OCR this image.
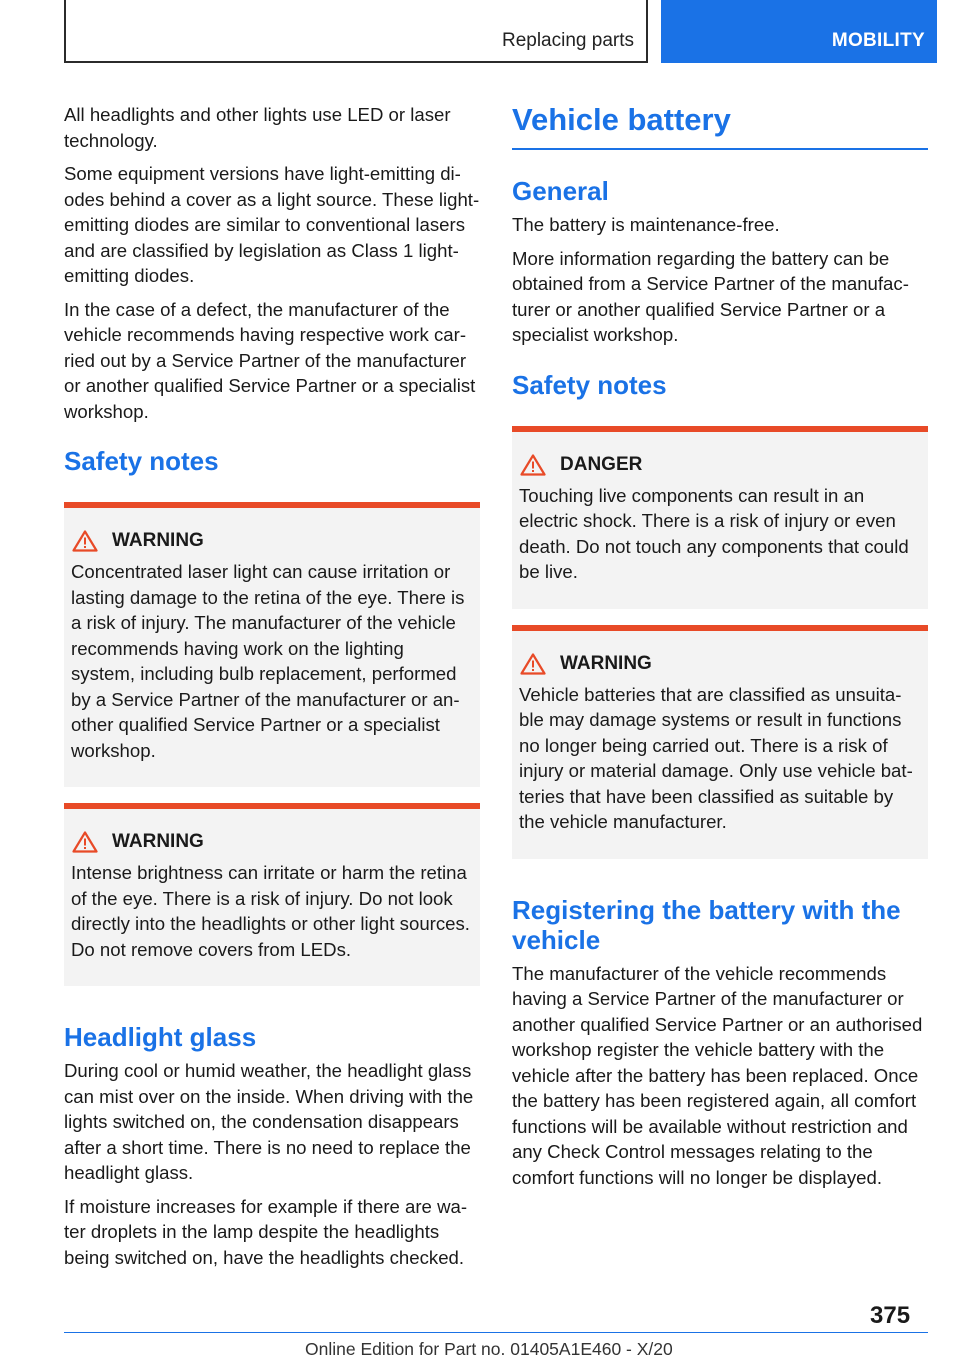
Replacing parts	MOBILITY

All headlights and other lights use LED or laser technology.

Some equipment versions have light-emitting diodes behind a cover as a light source. These light-emitting diodes are similar to conventional lasers and are classified by legislation as Class 1 light-emitting diodes.

In the case of a defect, the manufacturer of the vehicle recommends having respective work carried out by a Service Partner of the manufacturer or another qualified Service Partner or a specialist workshop.

Safety notes
WARNING

Concentrated laser light can cause irritation or lasting damage to the retina of the eye. There is a risk of injury. The manufacturer of the vehicle recommends having work on the lighting system, including bulb replacement, performed by a Service Partner of the manufacturer or another qualified Service Partner or a specialist workshop.

WARNING

Intense brightness can irritate or harm the retina of the eye. There is a risk of injury. Do not look directly into the headlights or other light sources. Do not remove covers from LEDs.

Headlight glass

During cool or humid weather, the headlight glass can mist over on the inside. When driving with the lights switched on, the condensation disappears after a short time. There is no need to replace the headlight glass.

If moisture increases for example if there are water droplets in the lamp despite the headlights being switched on, have the headlights checked.

Vehicle battery
General

The battery is maintenance-free.

More information regarding the battery can be obtained from a Service Partner of the manufacturer or another qualified Service Partner or a specialist workshop.

Safety notes
DANGER

Touching live components can result in an electric shock. There is a risk of injury or even death. Do not touch any components that could be live.

WARNING

Vehicle batteries that are classified as unsuitable may damage systems or result in functions no longer being carried out. There is a risk of injury or material damage. Only use vehicle batteries that have been classified as suitable by the vehicle manufacturer.

Registering the battery with the vehicle

The manufacturer of the vehicle recommends having a Service Partner of the manufacturer or another qualified Service Partner or an authorised workshop register the vehicle battery with the vehicle after the battery has been replaced. Once the battery has been registered again, all comfort functions will be available without restriction and any Check Control messages relating to the comfort functions will no longer be displayed.

375
Online Edition for Part no. 01405A1E460 - X/20
